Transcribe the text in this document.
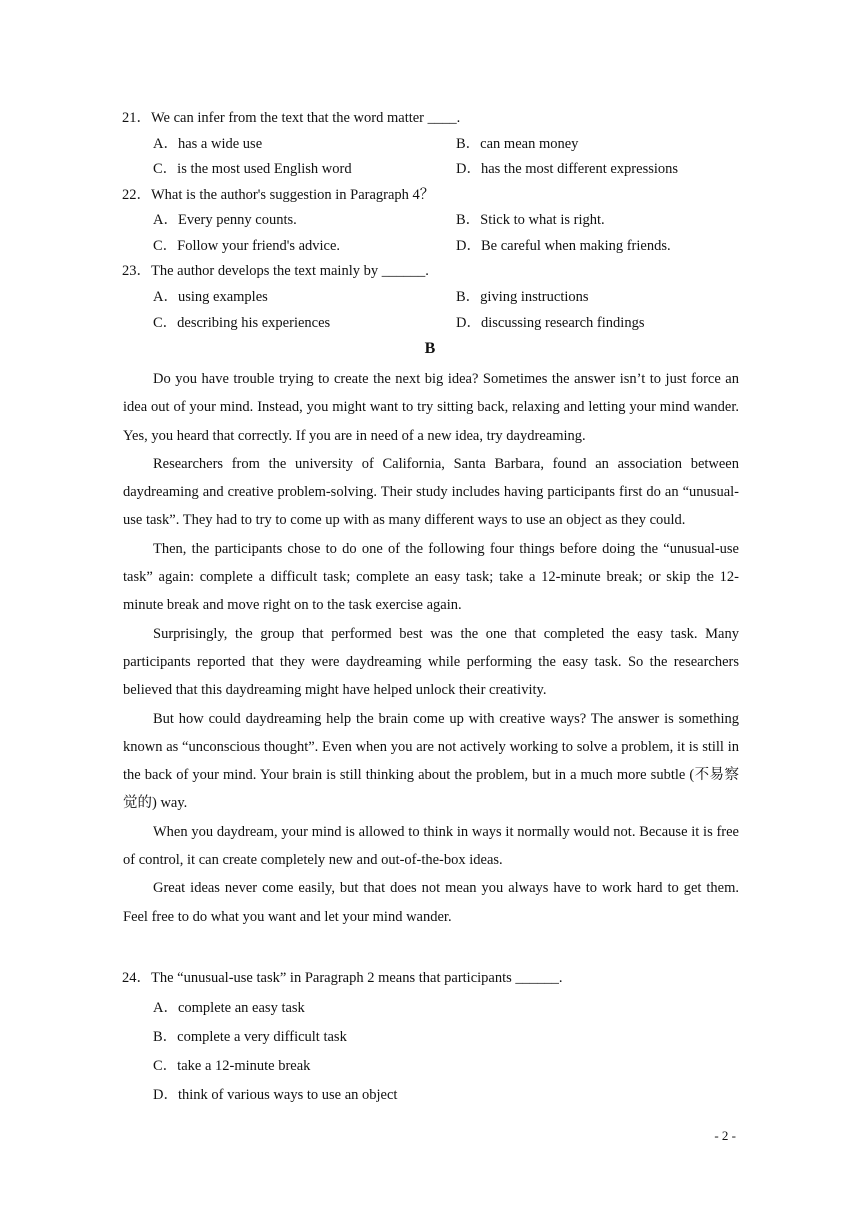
21．We can infer from the text that the word matter ____.
A．has a wide use	B．can mean money
C．is the most used English word	D．has the most different expressions
22．What is the author's suggestion in Paragraph 4？
A．Every penny counts.	B．Stick to what is right.
C．Follow your friend's advice.	D．Be careful when making friends.
23．The author develops the text mainly by ______.
A．using examples	B．giving instructions
C．describing his experiences	D．discussing research findings
B

Do you have trouble trying to create the next big idea? Sometimes the answer isn’t to just force an idea out of your mind. Instead, you might want to try sitting back, relaxing and letting your mind wander. Yes, you heard that correctly. If you are in need of a new idea, try daydreaming.

Researchers from the university of California, Santa Barbara, found an association between daydreaming and creative problem-solving. Their study includes having participants first do an “unusual-use task”. They had to try to come up with as many different ways to use an object as they could.

Then, the participants chose to do one of the following four things before doing the “unusual-use task” again: complete a difficult task; complete an easy task; take a 12-minute break; or skip the 12-minute break and move right on to the task exercise again.

Surprisingly, the group that performed best was the one that completed the easy task. Many participants reported that they were daydreaming while performing the easy task. So the researchers believed that this daydreaming might have helped unlock their creativity.

But how could daydreaming help the brain come up with creative ways? The answer is something known as “unconscious thought”. Even when you are not actively working to solve a problem, it is still in the back of your mind. Your brain is still thinking about the problem, but in a much more subtle (不易察觉的) way.

When you daydream, your mind is allowed to think in ways it normally would not. Because it is free of control, it can create completely new and out-of-the-box ideas.

Great ideas never come easily, but that does not mean you always have to work hard to get them. Feel free to do what you want and let your mind wander.

24．The “unusual-use task” in Paragraph 2 means that participants ______.
A．complete an easy task
B．complete a very difficult task
C．take a 12-minute break
D．think of various ways to use an object
- 2 -
